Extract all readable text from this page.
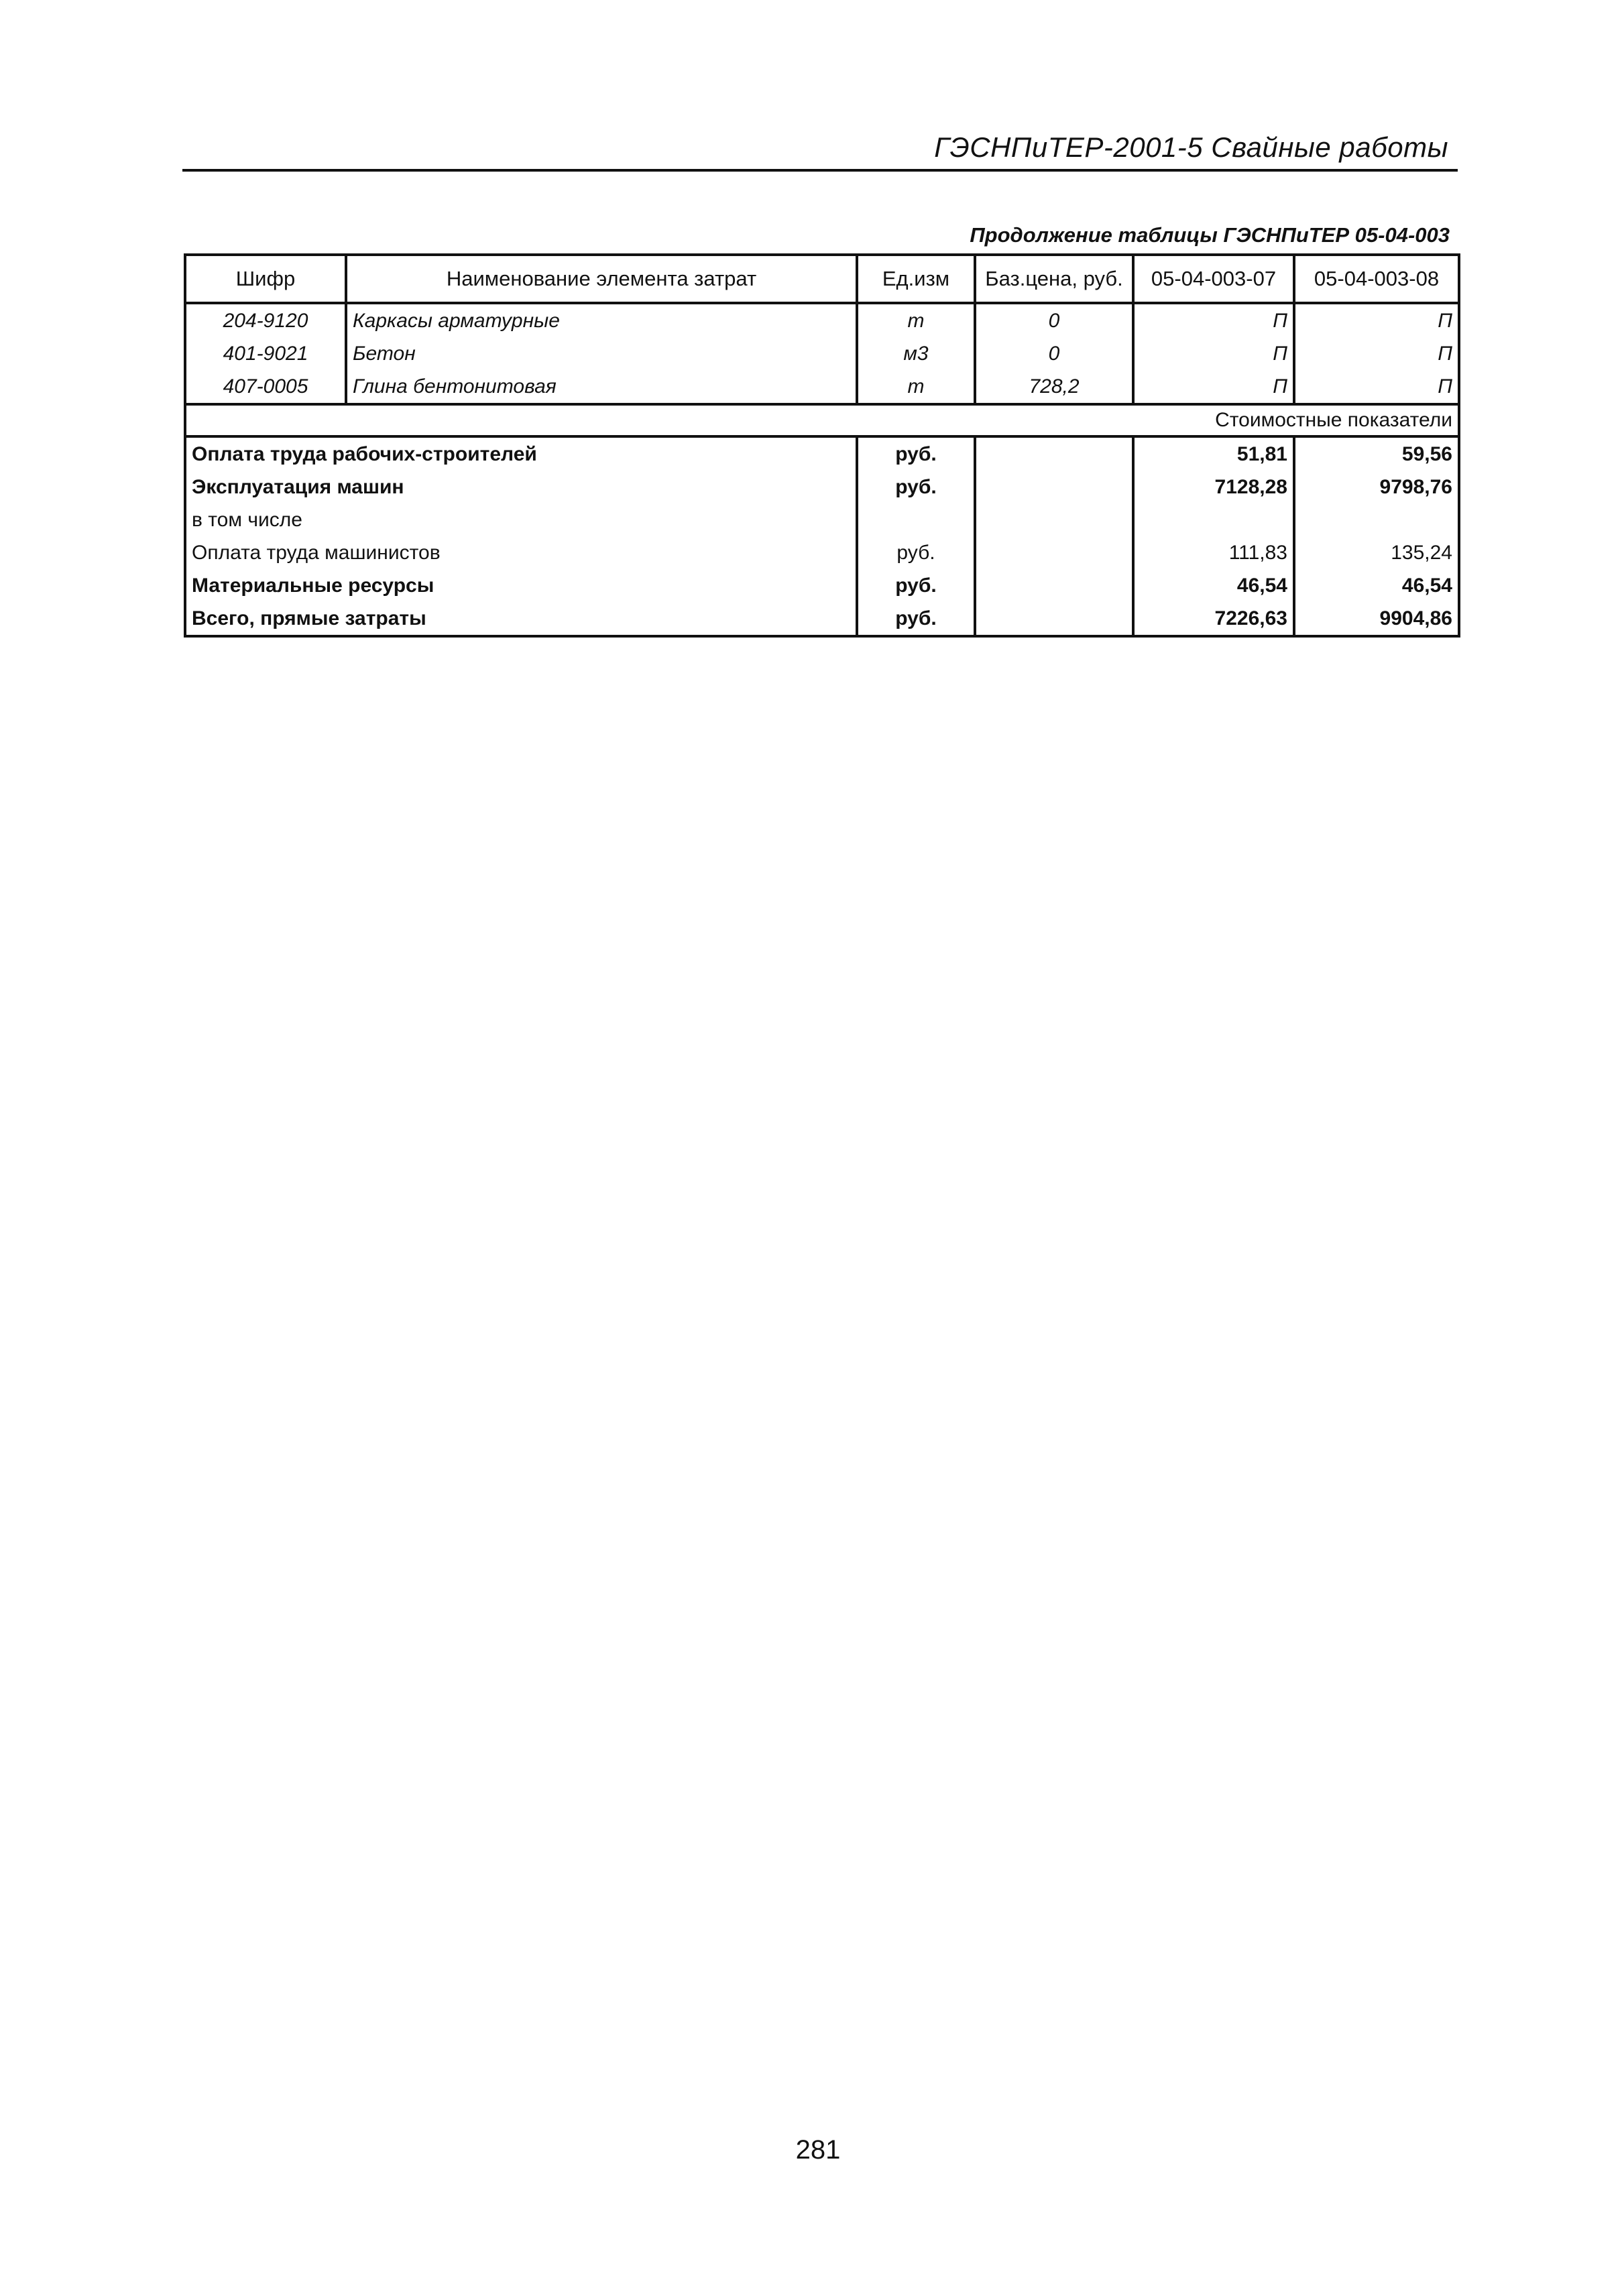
ГЭСНПиТЕР-2001-5 Свайные работы
Продолжение таблицы ГЭСНПиТЕР 05-04-003
Шифр	Наименование элемента затрат	Ед.изм	Баз.цена, руб.	05-04-003-07	05-04-003-08
204-9120	Каркасы арматурные	т	0	П	П
401-9021	Бетон	м3	0	П	П
407-0005	Глина бентонитовая	т	728,2	П	П
Стоимостные показатели					
Оплата труда рабочих-строителей		руб.		51,81	59,56
Эксплуатация машин		руб.		7128,28	9798,76
в том числе					
Оплата труда машинистов		руб.		111,83	135,24
Материальные ресурсы		руб.		46,54	46,54
Всего, прямые затраты		руб.		7226,63	9904,86
281
